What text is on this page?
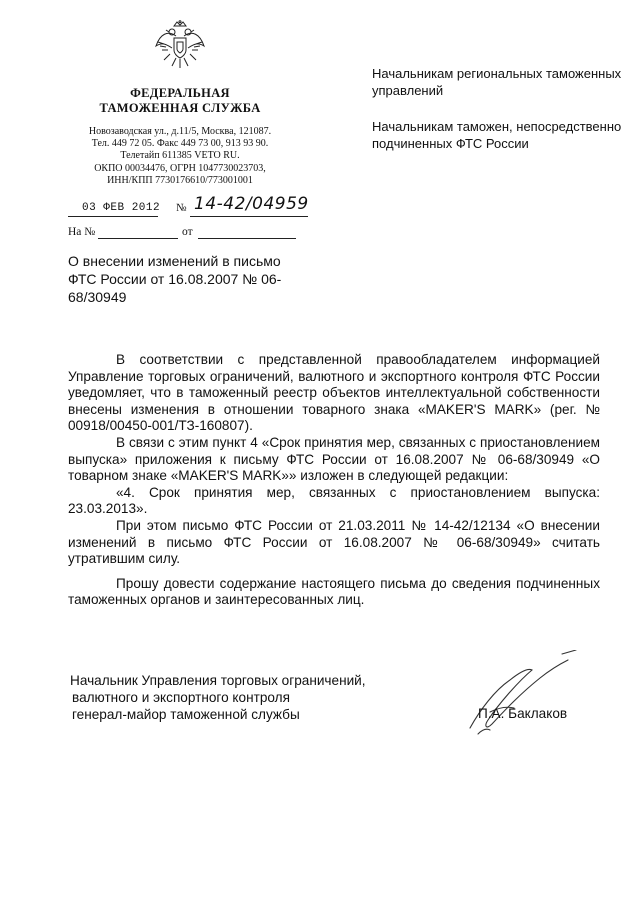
ФЕДЕРАЛЬНАЯ
ТАМОЖЕННАЯ СЛУЖБА
Новозаводская ул., д.11/5, Москва, 121087.
Тел. 449 72 05. Факс 449 73 00, 913 93 90.
Телетайп 611385 VETO RU.
ОКПО 00034476, ОГРН 1047730023703,
ИНН/КПП 7730176610/773001001
03 ФЕВ 2012 № 14-42/04959
На №	от

Начальникам региональных таможенных управлений

Начальникам таможен, непосредственно подчиненных ФТС России

О внесении изменений в письмо ФТС России от 16.08.2007 № 06-68/30949

В соответствии с представленной правообладателем информацией Управление торговых ограничений, валютного и экспортного контроля ФТС России уведомляет, что в таможенный реестр объектов интеллектуальной собственности внесены изменения в отношении товарного знака «MAKER'S MARK» (рег. № 00918/00450-001/ТЗ-160807).

В связи с этим пункт 4 «Срок принятия мер, связанных с приостановлением выпуска» приложения к письму ФТС России от 16.08.2007 № 06-68/30949 «О товарном знаке «MAKER'S MARK»» изложен в следующей редакции:

«4. Срок принятия мер, связанных с приостановлением выпуска: 23.03.2013».

При этом письмо ФТС России от 21.03.2011 № 14-42/12134 «О внесении изменений в письмо ФТС России от 16.08.2007 № 06-68/30949» считать утратившим силу.

Прошу довести содержание настоящего письма до сведения подчиненных таможенных органов и заинтересованных лиц.

Начальник Управления торговых ограничений,
валютного и экспортного контроля
генерал-майор таможенной службы	П.А. Баклаков
